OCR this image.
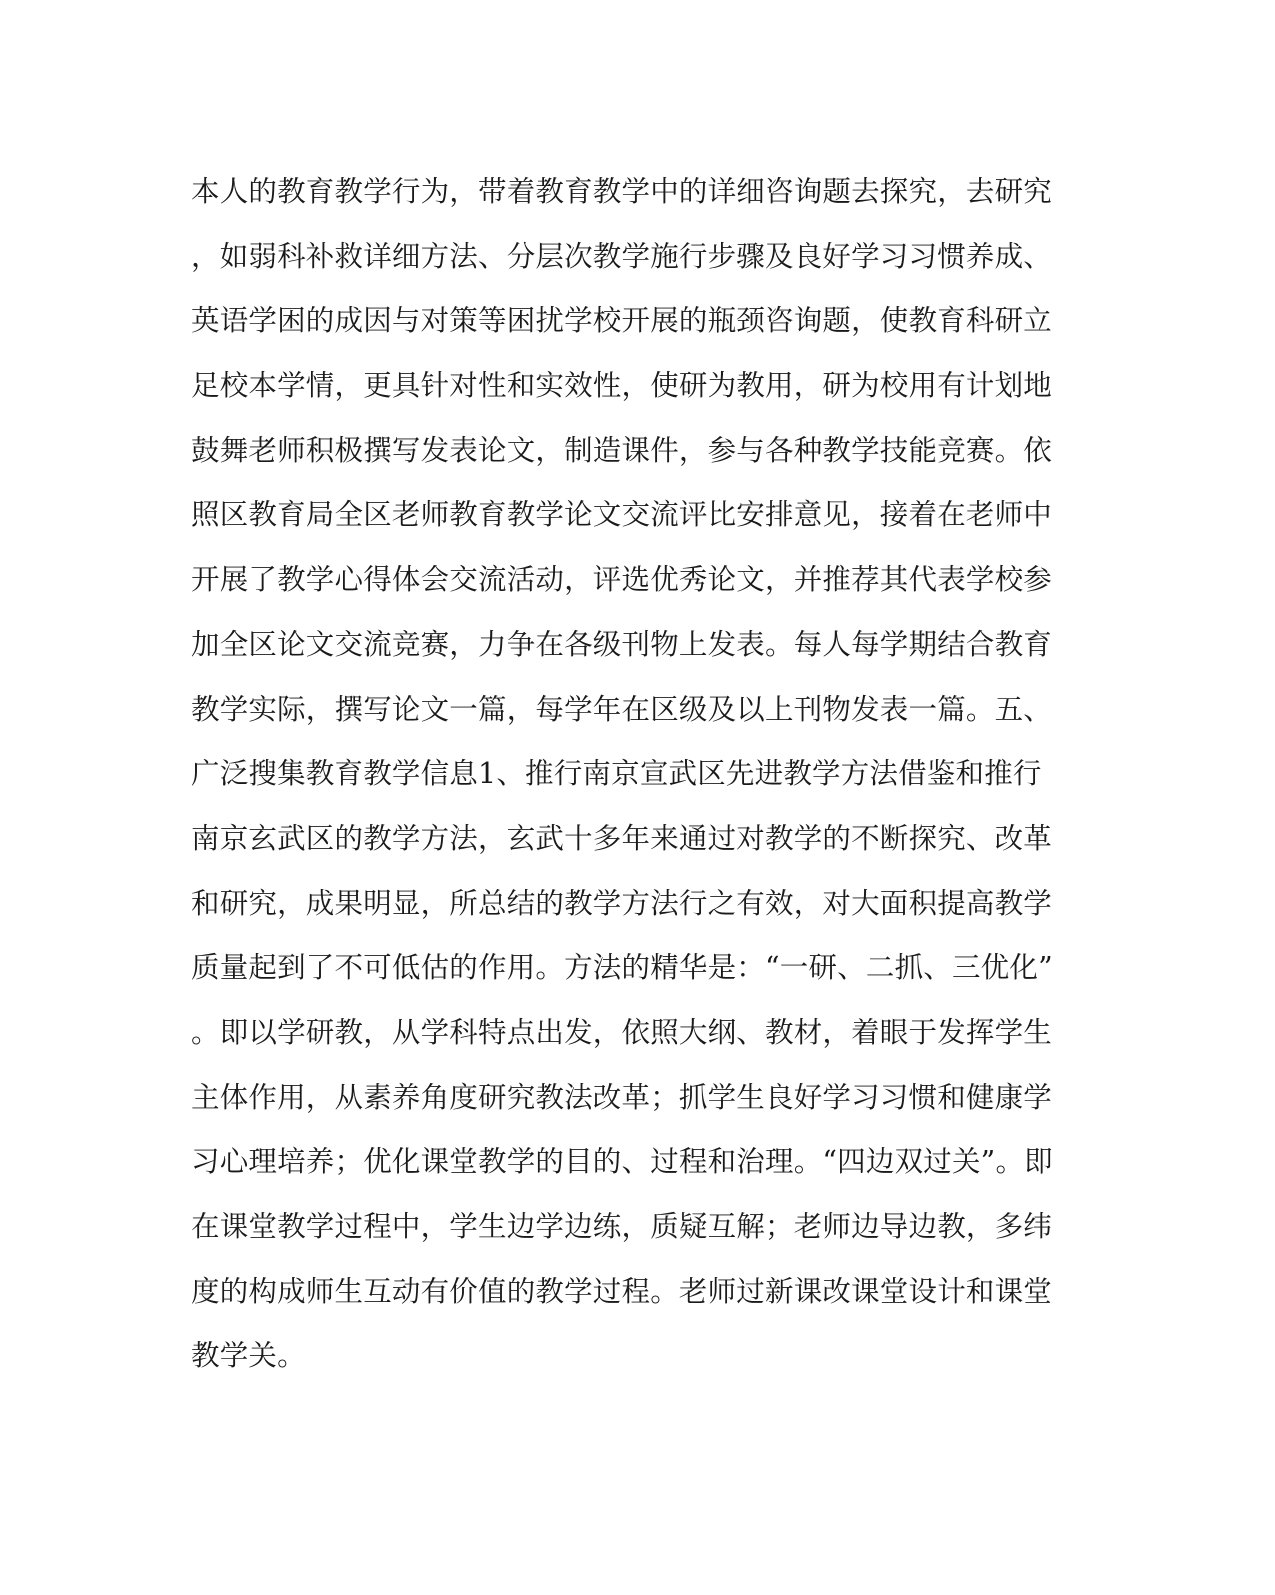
本人的教育教学行为，带着教育教学中的详细咨询题去探究，去研究
，如弱科补救详细方法、分层次教学施行步骤及良好学习习惯养成、
英语学困的成因与对策等困扰学校开展的瓶颈咨询题，使教育科研立
足校本学情，更具针对性和实效性，使研为教用，研为校用有计划地
鼓舞老师积极撰写发表论文，制造课件，参与各种教学技能竞赛。依
照区教育局全区老师教育教学论文交流评比安排意见，接着在老师中
开展了教学心得体会交流活动，评选优秀论文，并推荐其代表学校参
加全区论文交流竞赛，力争在各级刊物上发表。每人每学期结合教育
教学实际，撰写论文一篇，每学年在区级及以上刊物发表一篇。五、
广泛搜集教育教学信息1、推行南京宣武区先进教学方法借鉴和推行
南京玄武区的教学方法，玄武十多年来通过对教学的不断探究、改革
和研究，成果明显，所总结的教学方法行之有效，对大面积提高教学
质量起到了不可低估的作用。方法的精华是：“一研、二抓、三优化”
。即以学研教，从学科特点出发，依照大纲、教材，着眼于发挥学生
主体作用，从素养角度研究教法改革；抓学生良好学习习惯和健康学
习心理培养；优化课堂教学的目的、过程和治理。“四边双过关”。即
在课堂教学过程中，学生边学边练，质疑互解；老师边导边教，多纬
度的构成师生互动有价值的教学过程。老师过新课改课堂设计和课堂
教学关。
